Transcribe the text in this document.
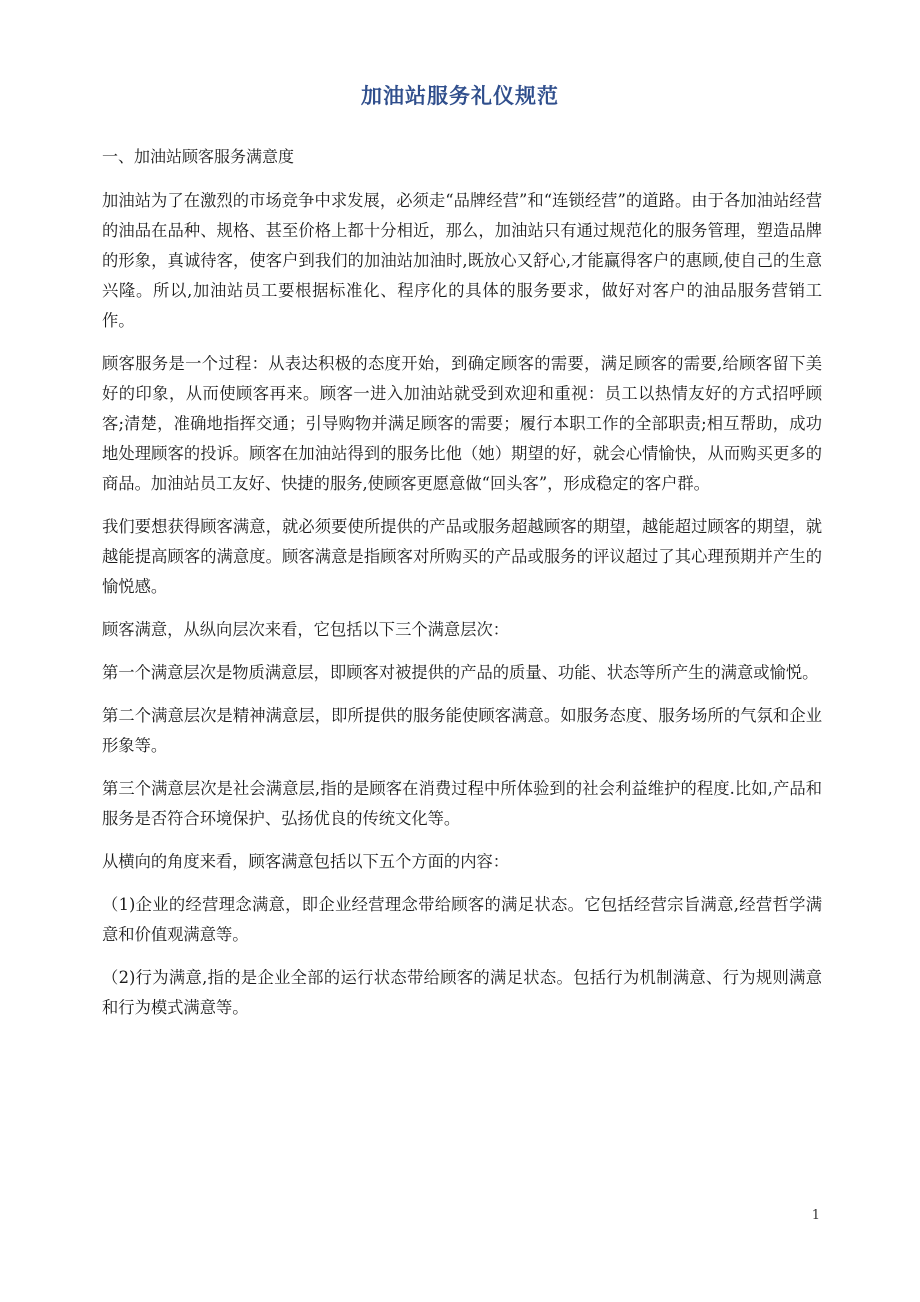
加油站服务礼仪规范
一、加油站顾客服务满意度

加油站为了在激烈的市场竞争中求发展，必须走“品牌经营”和“连锁经营”的道路。由于各加油站经营的油品在品种、规格、甚至价格上都十分相近，那么，加油站只有通过规范化的服务管理，塑造品牌的形象，真诚待客，使客户到我们的加油站加油时,既放心又舒心,才能赢得客户的惠顾,使自己的生意兴隆。所以,加油站员工要根据标准化、程序化的具体的服务要求，做好对客户的油品服务营销工作。

顾客服务是一个过程：从表达积极的态度开始，到确定顾客的需要，满足顾客的需要,给顾客留下美好的印象，从而使顾客再来。顾客一进入加油站就受到欢迎和重视：员工以热情友好的方式招呼顾客;清楚，准确地指挥交通；引导购物并满足顾客的需要；履行本职工作的全部职责;相互帮助，成功地处理顾客的投诉。顾客在加油站得到的服务比他（她）期望的好，就会心情愉快，从而购买更多的商品。加油站员工友好、快捷的服务,使顾客更愿意做“回头客”，形成稳定的客户群。

我们要想获得顾客满意，就必须要使所提供的产品或服务超越顾客的期望，越能超过顾客的期望，就越能提高顾客的满意度。顾客满意是指顾客对所购买的产品或服务的评议超过了其心理预期并产生的愉悦感。

顾客满意，从纵向层次来看，它包括以下三个满意层次：

第一个满意层次是物质满意层，即顾客对被提供的产品的质量、功能、状态等所产生的满意或愉悦。

第二个满意层次是精神满意层，即所提供的服务能使顾客满意。如服务态度、服务场所的气氛和企业形象等。

第三个满意层次是社会满意层,指的是顾客在消费过程中所体验到的社会利益维护的程度.比如,产品和服务是否符合环境保护、弘扬优良的传统文化等。

从横向的角度来看，顾客满意包括以下五个方面的内容：

（1)企业的经营理念满意，即企业经营理念带给顾客的满足状态。它包括经营宗旨满意,经营哲学满意和价值观满意等。

（2)行为满意,指的是企业全部的运行状态带给顾客的满足状态。包括行为机制满意、行为规则满意和行为模式满意等。

1
